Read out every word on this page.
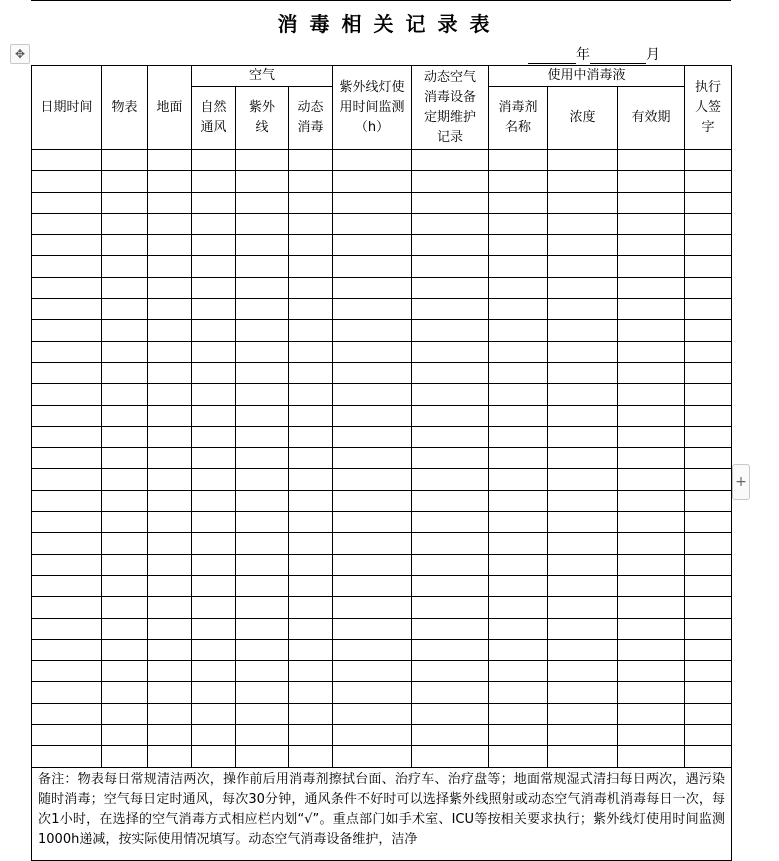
消毒相关记录表
✥	年	月
日期时间	物表	地面	空气			紫外线灯使用时间监测（h）	动态空气消毒设备定期维护记录	使用中消毒液			执行人签字
			自然通风	紫外线	动态消毒			消毒剂名称	浓度	有效期	

备注：物表每日常规清洁两次，操作前后用消毒剂擦拭台面、治疗车、治疗盘等；地面常规湿式清扫每日两次，遇污染随时消毒；空气每日定时通风，每次30分钟，通风条件不好时可以选择紫外线照射或动态空气消毒机消毒每日一次，每次1小时，在选择的空气消毒方式相应栏内划“√”。重点部门如手术室、ICU等按相关要求执行；紫外线灯使用时间监测1000h递减，按实际使用情况填写。动态空气消毒设备维护，洁净											
+
